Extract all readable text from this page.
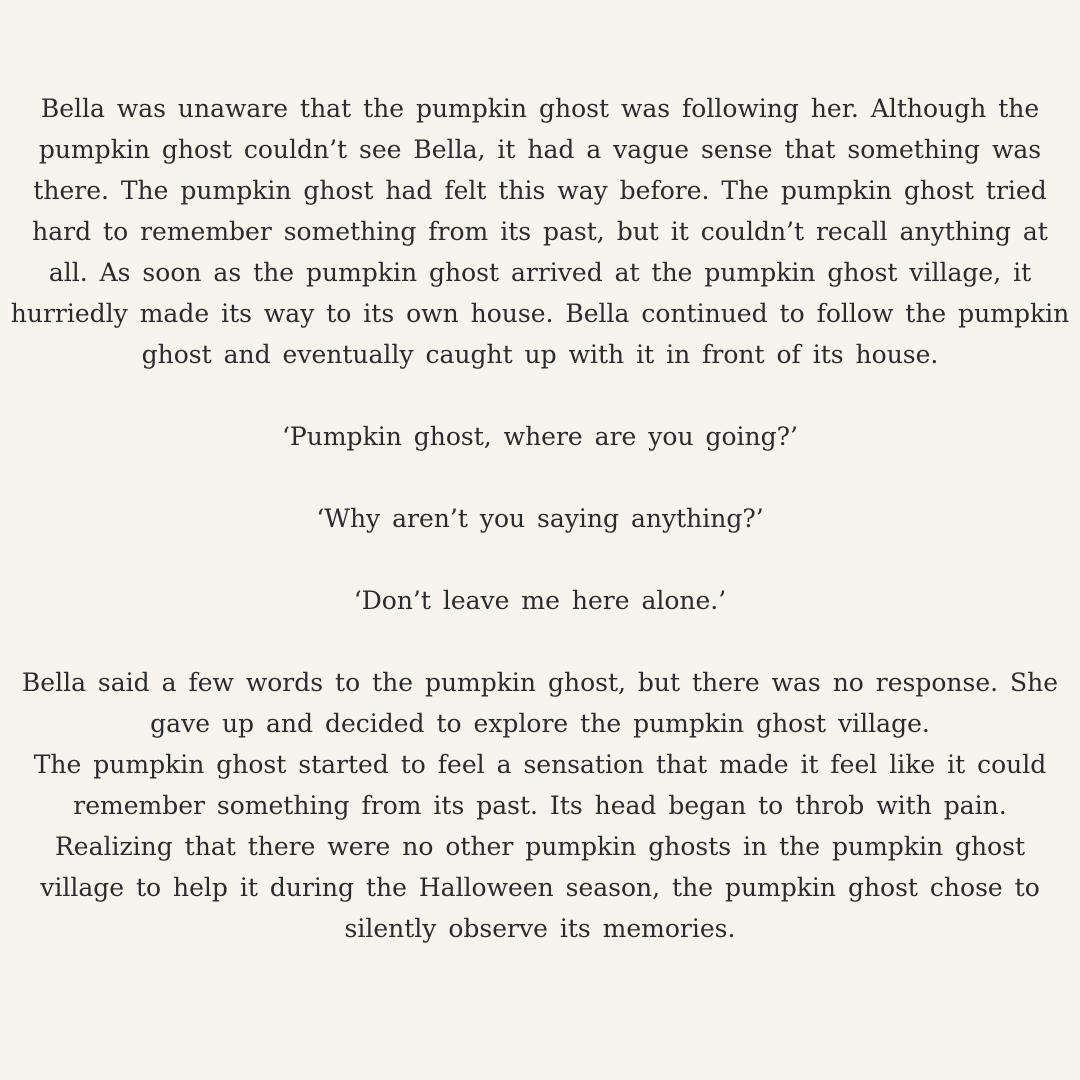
Bella was unaware that the pumpkin ghost was following her. Although the pumpkin ghost couldn’t see Bella, it had a vague sense that something was there. The pumpkin ghost had felt this way before. The pumpkin ghost tried hard to remember something from its past, but it couldn’t recall anything at all. As soon as the pumpkin ghost arrived at the pumpkin ghost village, it hurriedly made its way to its own house. Bella continued to follow the pumpkin ghost and eventually caught up with it in front of its house.

‘Pumpkin ghost, where are you going?’

‘Why aren’t you saying anything?’

‘Don’t leave me here alone.’

Bella said a few words to the pumpkin ghost, but there was no response. She gave up and decided to explore the pumpkin ghost village.

The pumpkin ghost started to feel a sensation that made it feel like it could remember something from its past. Its head began to throb with pain. Realizing that there were no other pumpkin ghosts in the pumpkin ghost village to help it during the Halloween season, the pumpkin ghost chose to silently observe its memories.
